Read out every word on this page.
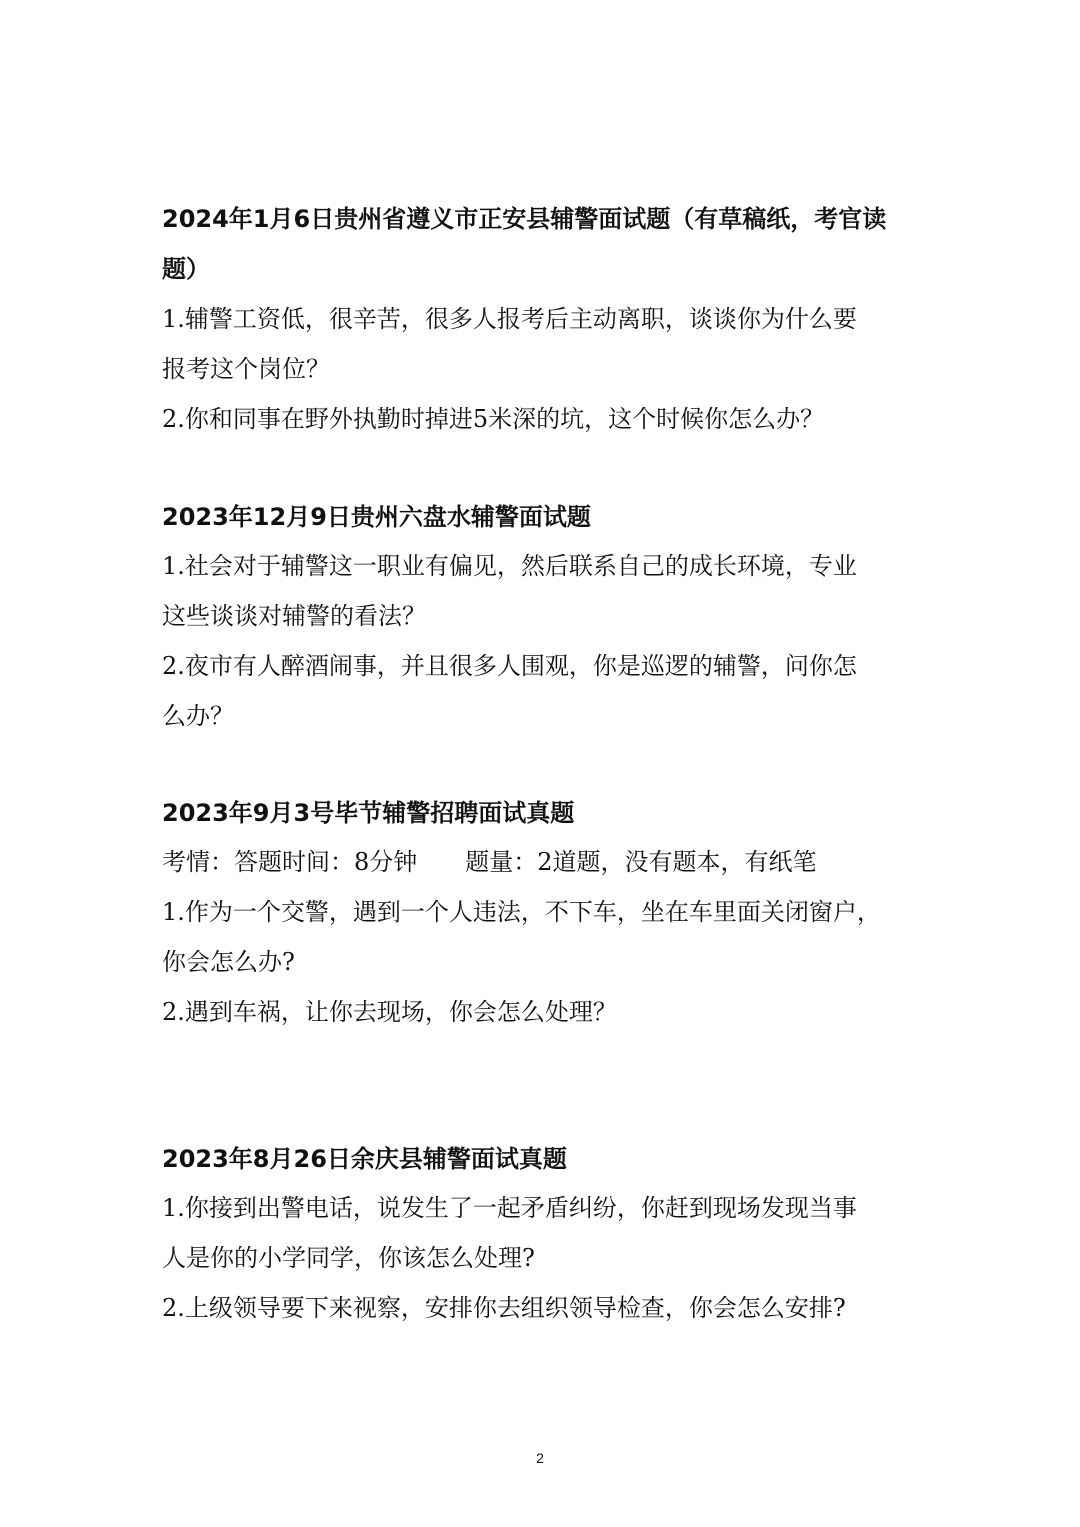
2024年1月6日贵州省遵义市正安县辅警面试题（有草稿纸，考官读
题）
1.辅警工资低，很辛苦，很多人报考后主动离职，谈谈你为什么要
报考这个岗位？
2.你和同事在野外执勤时掉进5米深的坑，这个时候你怎么办？
2023年12月9日贵州六盘水辅警面试题
1.社会对于辅警这一职业有偏见，然后联系自己的成长环境，专业
这些谈谈对辅警的看法？
2.夜市有人醉酒闹事，并且很多人围观，你是巡逻的辅警，问你怎
么办？
2023年9月3号毕节辅警招聘面试真题
考情：答题时间：8分钟　　题量：2道题，没有题本，有纸笔
1.作为一个交警，遇到一个人违法，不下车，坐在车里面关闭窗户，
你会怎么办?
2.遇到车祸，让你去现场，你会怎么处理？
2023年8月26日余庆县辅警面试真题
1.你接到出警电话，说发生了一起矛盾纠纷，你赶到现场发现当事
人是你的小学同学，你该怎么处理?
2.上级领导要下来视察，安排你去组织领导检查，你会怎么安排?
2
